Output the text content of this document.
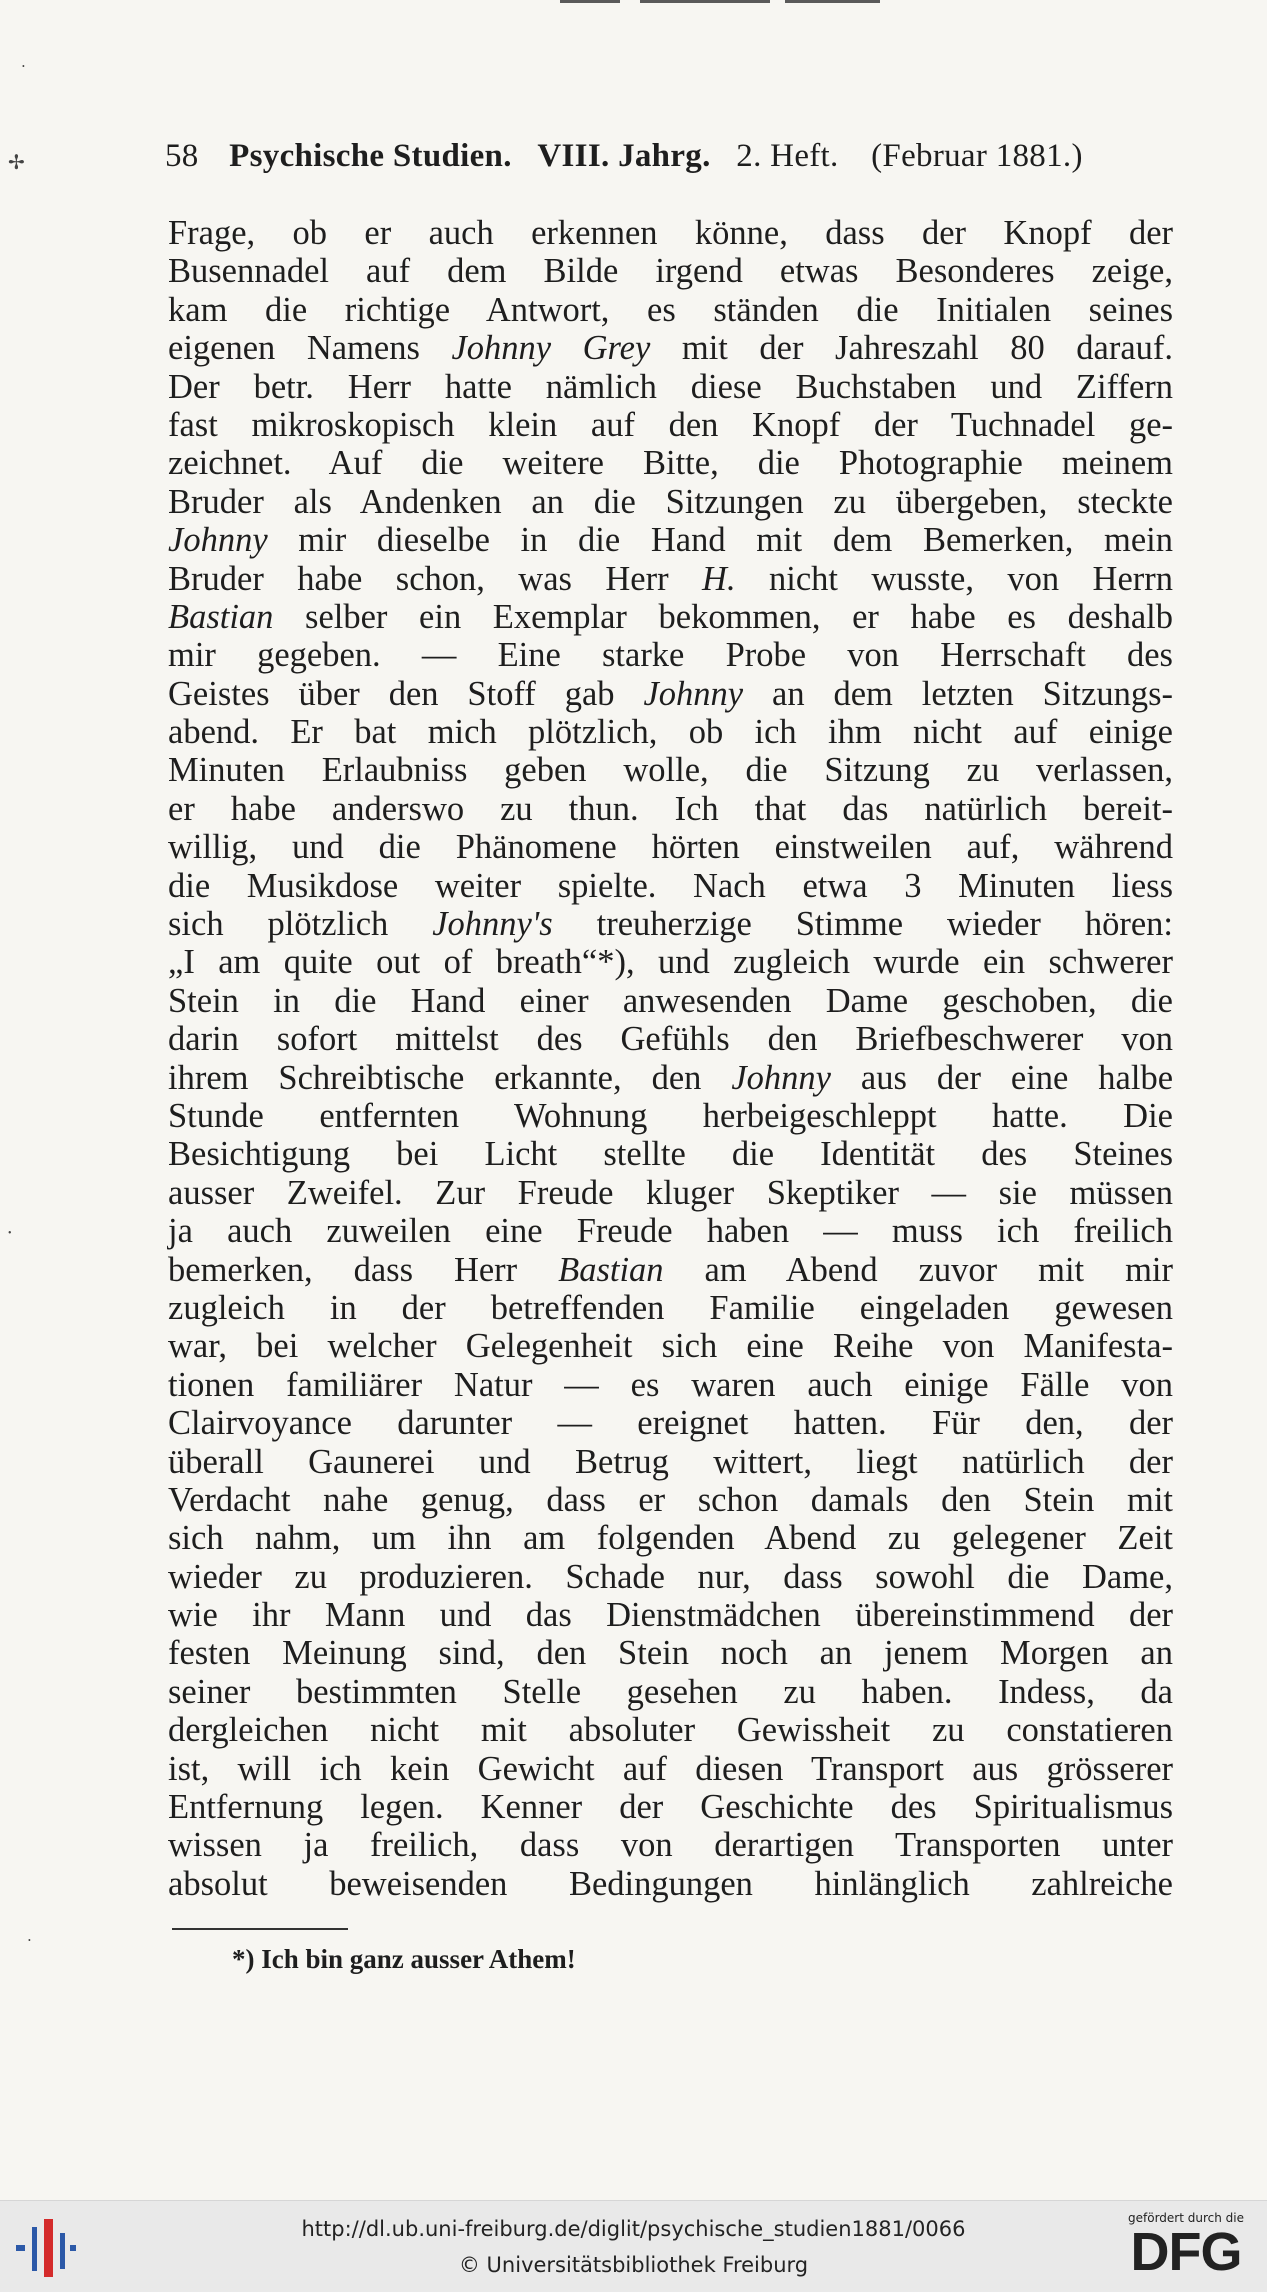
✢
•
•
•
58 Psychische Studien. VIII. Jahrg. 2. Heft. (Februar 1881.)
Frage, ob er auch erkennen könne, dass der Knopf der
Busennadel auf dem Bilde irgend etwas Besonderes zeige,
kam die richtige Antwort, es ständen die Initialen seines
eigenen Namens Johnny Grey mit der Jahreszahl 80 darauf.
Der betr. Herr hatte nämlich diese Buchstaben und Ziffern
fast mikroskopisch klein auf den Knopf der Tuchnadel ge-
zeichnet. Auf die weitere Bitte, die Photographie meinem
Bruder als Andenken an die Sitzungen zu übergeben, steckte
Johnny mir dieselbe in die Hand mit dem Bemerken, mein
Bruder habe schon, was Herr H. nicht wusste, von Herrn
Bastian selber ein Exemplar bekommen, er habe es deshalb
mir gegeben. — Eine starke Probe von Herrschaft des
Geistes über den Stoff gab Johnny an dem letzten Sitzungs-
abend. Er bat mich plötzlich, ob ich ihm nicht auf einige
Minuten Erlaubniss geben wolle, die Sitzung zu verlassen,
er habe anderswo zu thun. Ich that das natürlich bereit-
willig, und die Phänomene hörten einstweilen auf, während
die Musikdose weiter spielte. Nach etwa 3 Minuten liess
sich plötzlich Johnny's treuherzige Stimme wieder hören:
„I am quite out of breath“*), und zugleich wurde ein schwerer
Stein in die Hand einer anwesenden Dame geschoben, die
darin sofort mittelst des Gefühls den Briefbeschwerer von
ihrem Schreibtische erkannte, den Johnny aus der eine halbe
Stunde entfernten Wohnung herbeigeschleppt hatte. Die
Besichtigung bei Licht stellte die Identität des Steines
ausser Zweifel. Zur Freude kluger Skeptiker — sie müssen
ja auch zuweilen eine Freude haben — muss ich freilich
bemerken, dass Herr Bastian am Abend zuvor mit mir
zugleich in der betreffenden Familie eingeladen gewesen
war, bei welcher Gelegenheit sich eine Reihe von Manifesta-
tionen familiärer Natur — es waren auch einige Fälle von
Clairvoyance darunter — ereignet hatten. Für den, der
überall Gaunerei und Betrug wittert, liegt natürlich der
Verdacht nahe genug, dass er schon damals den Stein mit
sich nahm, um ihn am folgenden Abend zu gelegener Zeit
wieder zu produzieren. Schade nur, dass sowohl die Dame,
wie ihr Mann und das Dienstmädchen übereinstimmend der
festen Meinung sind, den Stein noch an jenem Morgen an
seiner bestimmten Stelle gesehen zu haben. Indess, da
dergleichen nicht mit absoluter Gewissheit zu constatieren
ist, will ich kein Gewicht auf diesen Transport aus grösserer
Entfernung legen. Kenner der Geschichte des Spiritualismus
wissen ja freilich, dass von derartigen Transporten unter
absolut beweisenden Bedingungen hinlänglich zahlreiche
*) Ich bin ganz ausser Athem!
http://dl.ub.uni-freiburg.de/diglit/psychische_studien1881/0066
© Universitätsbibliothek Freiburg
gefördert durch die
DFG
